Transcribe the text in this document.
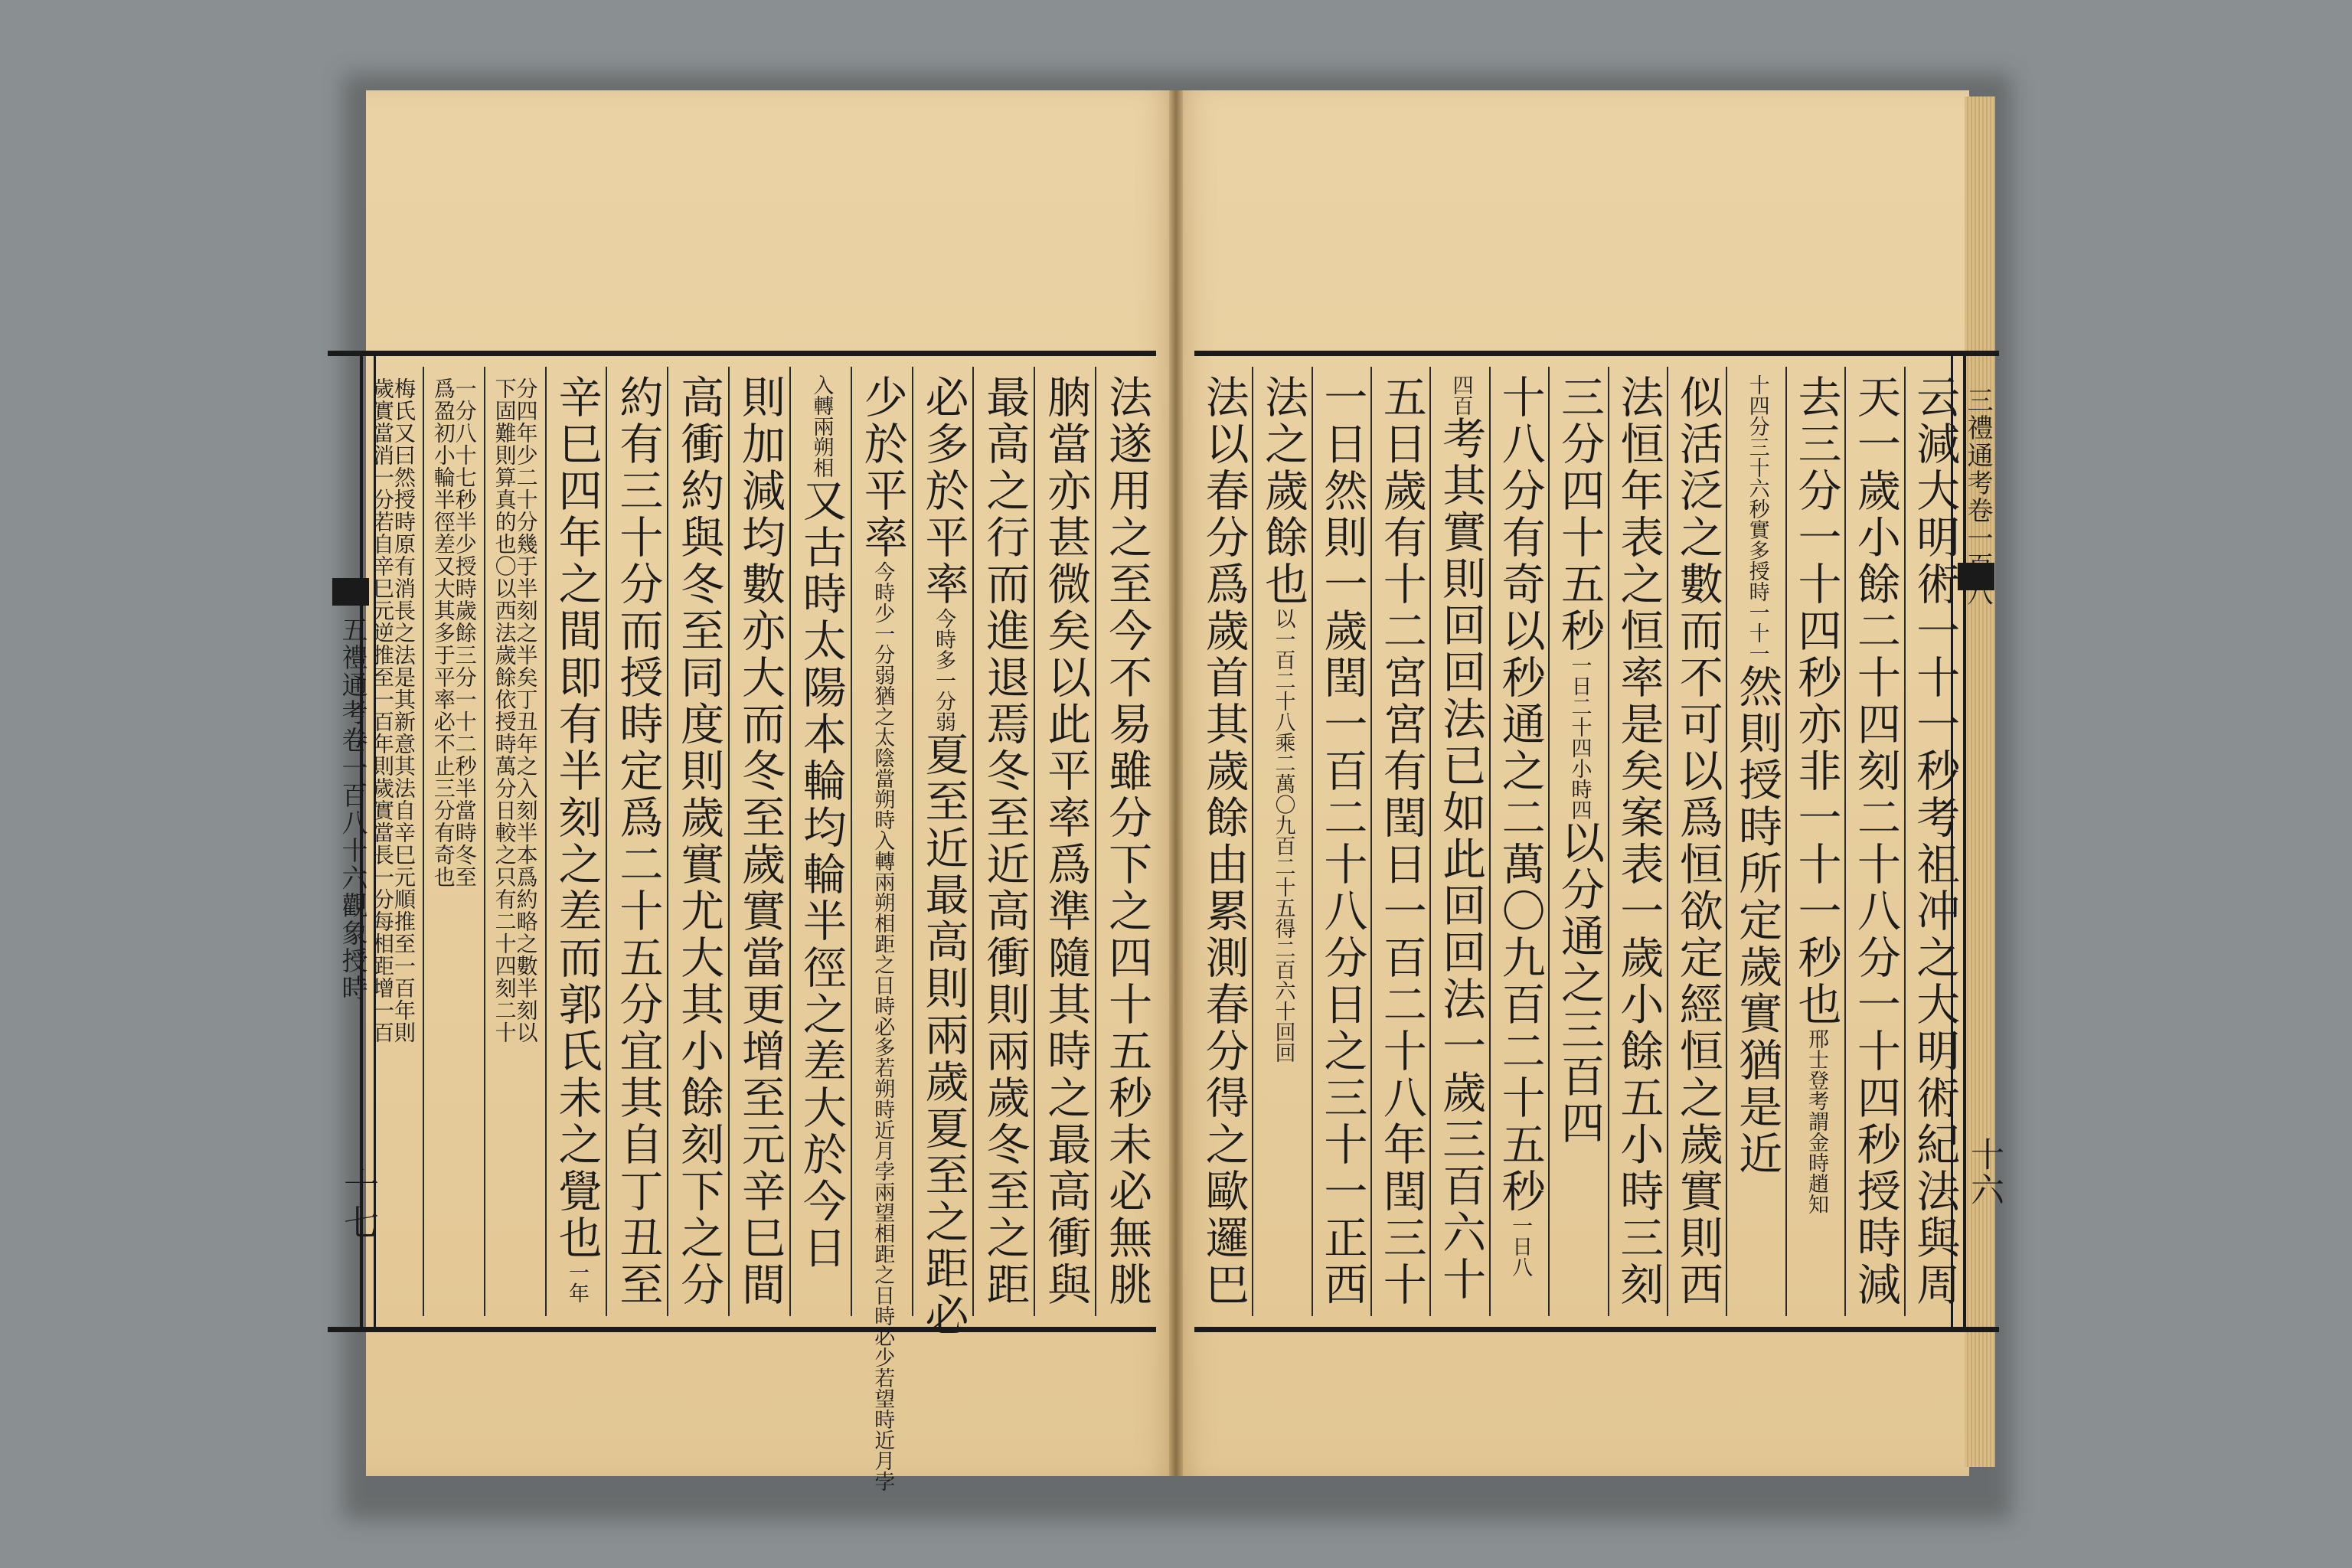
五禮通考卷一百八十六觀象授時
十七
三禮通考卷一百八
十六
法遂用之至今不易雖分下之四十五秒未必無朓
朒當亦甚微矣以此平率爲準隨其時之最高衝與
最高之行而進退焉冬至近高衝則兩歲冬至之距
必多於平率今時多一分弱夏至近最高則兩歲夏至之距必
少於平率今時少一分弱猶之太陰當朔時入轉兩朔相距之日時必多若朔時近月孛兩望相距之日時必少若望時近月孛
入轉兩朔相又古時太陽本輪均輪半徑之差大於今日
則加減均數亦大而冬至歲實當更增至元辛巳間
高衝約與冬至同度則歲實尤大其小餘刻下之分
約有三十分而授時定爲二十五分宜其自丁丑至
辛巳四年之間即有半刻之差而郭氏未之覺也一年
分四年少二十分幾于半刻之半矣丁丑年之入刻半本爲約略之數半刻以
下固難則算真的也〇以西法歲餘依授時萬分日較之只有二十四刻二十
一分八十七秒半少授時歲餘三分一十二秒半當時冬至
爲盈初小輪半徑差又大其多于平率必不止三分有奇也
梅氏又曰然授時原有消長之法是其新意其法自辛巳元順推至一百年則
歲實當消一分若自辛巳元逆推至一百年則歲實當長一分每相距增一百	云減大明術一十一秒考祖冲之大明術紀法與周
天一歲小餘二十四刻二十八分一十四秒授時減
去三分一十四秒亦非一十一秒也邢士登考謂金時趙知
十四分三十六秒實多授時一十一然則授時所定歲實猶是近
似活泛之數而不可以爲恒欲定經恒之歲實則西
法恒年表之恒率是矣案表一歲小餘五小時三刻
三分四十五秒一日二十四小時四以分通之三百四
十八分有奇以秒通之二萬〇九百二十五秒一日八
四百考其實則回回法已如此回回法一歲三百六十
五日歲有十二宮宮有閏日一百二十八年閏三十
一日然則一歲閏一百二十八分日之三十一正西
法之歲餘也以一百二十八乘二萬〇九百二十五得二百六十回回
法以春分爲歲首其歲餘由累測春分得之歐邏巴
